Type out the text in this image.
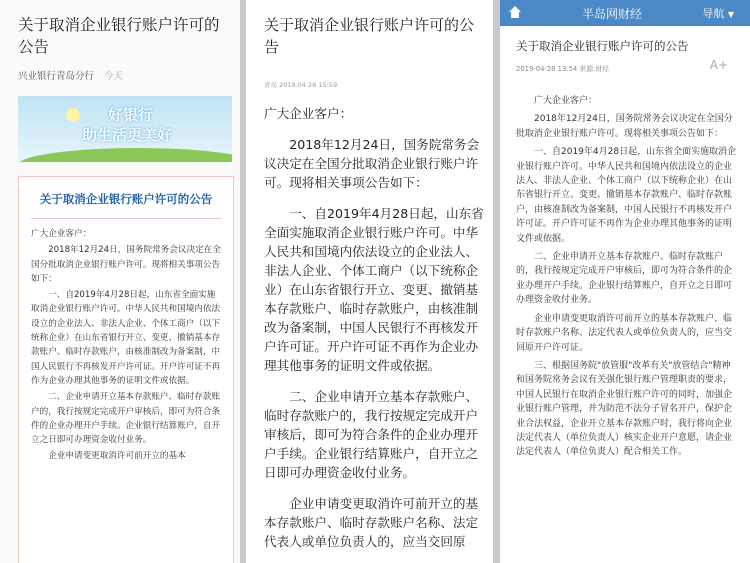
关于取消企业银行账户许可的公告
兴业银行青岛分行 今天
好银行
助生活更美好
关于取消企业银行账户许可的公告

广大企业客户：

2018年12月24日，国务院常务会议决定在全国分批取消企业银行账户许可。现将相关事项公告如下：

一、自2019年4月28日起，山东省全面实施取消企业银行账户许可。中华人民共和国境内依法设立的企业法人、非法人企业、个体工商户（以下统称企业）在山东省银行开立、变更、撤销基本存款账户、临时存款账户，由核准制改为备案制，中国人民银行不再核发开户许可证。开户许可证不再作为企业办理其他事务的证明文件或依据。

二、企业申请开立基本存款账户、临时存款账户的，我行按规定完成开户审核后，即可为符合条件的企业办理开户手续。企业银行结算账户，自开立之日即可办理资金收付业务。

企业申请变更取消许可前开立的基本

关于取消企业银行账户许可的公告
青岛 2019.04.28 15:59

广大企业客户：

2018年12月24日，国务院常务会议决定在全国分批取消企业银行账户许可。现将相关事项公告如下：

一、自2019年4月28日起，山东省全面实施取消企业银行账户许可。中华人民共和国境内依法设立的企业法人、非法人企业、个体工商户（以下统称企业）在山东省银行开立、变更、撤销基本存款账户、临时存款账户，由核准制改为备案制，中国人民银行不再核发开户许可证。开户许可证不再作为企业办理其他事务的证明文件或依据。

二、企业申请开立基本存款账户、临时存款账户的，我行按规定完成开户审核后，即可为符合条件的企业办理开户手续。企业银行结算账户，自开立之日即可办理资金收付业务。

企业申请变更取消许可前开立的基本存款账户、临时存款账户名称、法定代表人或单位负责人的，应当交回原

半岛网财经	导航 ▼
关于取消企业银行账户许可的公告
2019-04-28 13:54 来源:财经	A+

广大企业客户：

2018年12月24日，国务院常务会议决定在全国分批取消企业银行账户许可。现将相关事项公告如下：

一、自2019年4月28日起，山东省全面实施取消企业银行账户许可。中华人民共和国境内依法设立的企业法人、非法人企业、个体工商户（以下统称企业）在山东省银行开立、变更、撤销基本存款账户、临时存款账户，由核准制改为备案制，中国人民银行不再核发开户许可证。开户许可证不再作为企业办理其他事务的证明文件或依据。

二、企业申请开立基本存款账户、临时存款账户的，我行按规定完成开户审核后，即可为符合条件的企业办理开户手续。企业银行结算账户，自开立之日即可办理资金收付业务。

企业申请变更取消许可前开立的基本存款账户、临时存款账户名称、法定代表人或单位负责人的，应当交回原开户许可证。

三、根据国务院"放管服"改革有关"放管结合"精神和国务院常务会议有关强化银行账户管理职责的要求，中国人民银行在取消企业银行账户许可的同时，加强企业银行账户管理，并为防范不法分子冒名开户，保护企业合法权益，企业开立基本存款账户时，我行将向企业法定代表人（单位负责人）核实企业开户意愿，请企业法定代表人（单位负责人）配合相关工作。
